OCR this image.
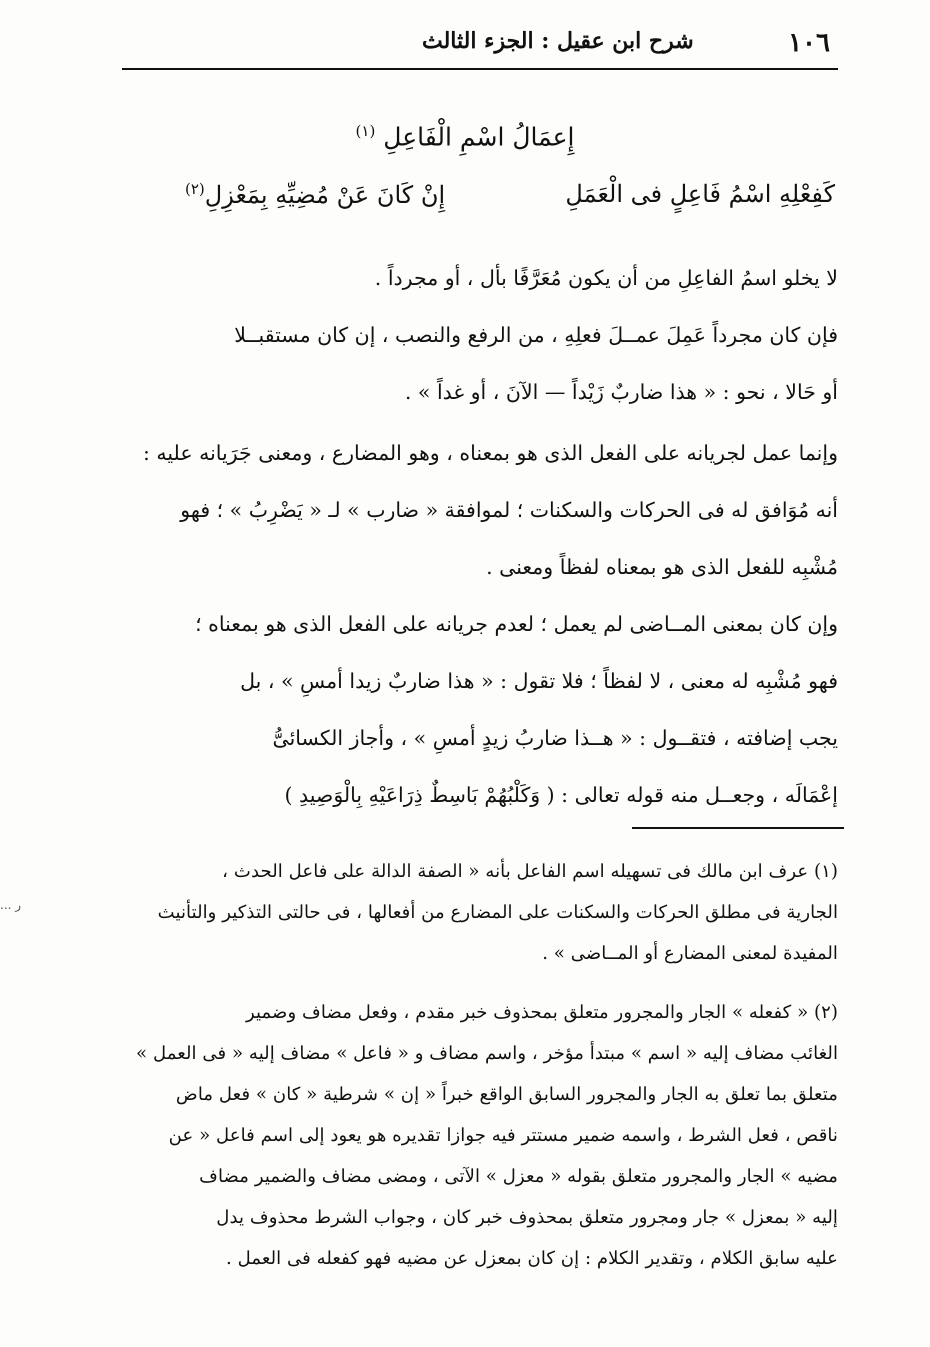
١٠٦
شرح ابن عقيل : الجزء الثالث
إِعمَالُ اسْمِ الْفَاعِلِ $^{(١)}$
كَفِعْلِهِ اسْمُ فَاعِلٍ فى الْعَمَلِ
إِنْ كَانَ عَنْ مُضِيِّهِ بِمَعْزِلِ$^{(٢)}$

لا يخلو اسمُ الفاعِلِ من أن يكون مُعَرَّفًا بأل ، أو مجرداً .

فإن كان مجرداً عَمِلَ عمــلَ فعلِهِ ، من الرفع والنصب ، إن كان مستقبــلا
أو حَالا ، نحو : « هذا ضاربٌ زَيْداً — الآنَ ، أو غداً » .

وإنما عمل لجريانه على الفعل الذى هو بمعناه ، وهو المضارع ، ومعنى جَرَيانه عليه :
أنه مُوَافق له فى الحركات والسكنات ؛ لموافقة « ضارب » لـ « يَضْرِبُ » ؛ فهو
مُشْبِه للفعل الذى هو بمعناه لفظاً ومعنى .

وإن كان بمعنى المــاضى لم يعمل ؛ لعدم جريانه على الفعل الذى هو بمعناه ؛
فهو مُشْبِه له معنى ، لا لفظاً ؛ فلا تقول : « هذا ضاربٌ زيدا أمسِ » ، بل
يجب إضافته ، فتقــول : « هــذا ضاربُ زيدٍ أمسِ » ، وأجاز الكسائىُّ
إعْمَالَه ، وجعــل منه قوله تعالى : ( وَكَلْبُهُمْ بَاسِطٌ ذِرَاعَيْهِ بِالْوَصِيدِ )

(١) عرف ابن مالك فى تسهيله اسم الفاعل بأنه « الصفة الدالة على فاعل الحدث ،
الجارية فى مطلق الحركات والسكنات على المضارع من أفعالها ، فى حالتى التذكير والتأنيث
المفيدة لمعنى المضارع أو المــاضى » .

(٢) « كفعله » الجار والمجرور متعلق بمحذوف خبر مقدم ، وفعل مضاف وضمير
الغائب مضاف إليه « اسم » مبتدأ مؤخر ، واسم مضاف و « فاعل » مضاف إليه « فى العمل »
متعلق بما تعلق به الجار والمجرور السابق الواقع خبراً « إن » شرطية « كان » فعل ماض
ناقص ، فعل الشرط ، واسمه ضمير مستتر فيه جوازا تقديره هو يعود إلى اسم فاعل « عن
مضيه » الجار والمجرور متعلق بقوله « معزل » الآتى ، ومضى مضاف والضمير مضاف
إليه « بمعزل » جار ومجرور متعلق بمحذوف خبر كان ، وجواب الشرط محذوف يدل
عليه سابق الكلام ، وتقدير الكلام : إن كان بمعزل عن مضيه فهو كفعله فى العمل .

ر ...
